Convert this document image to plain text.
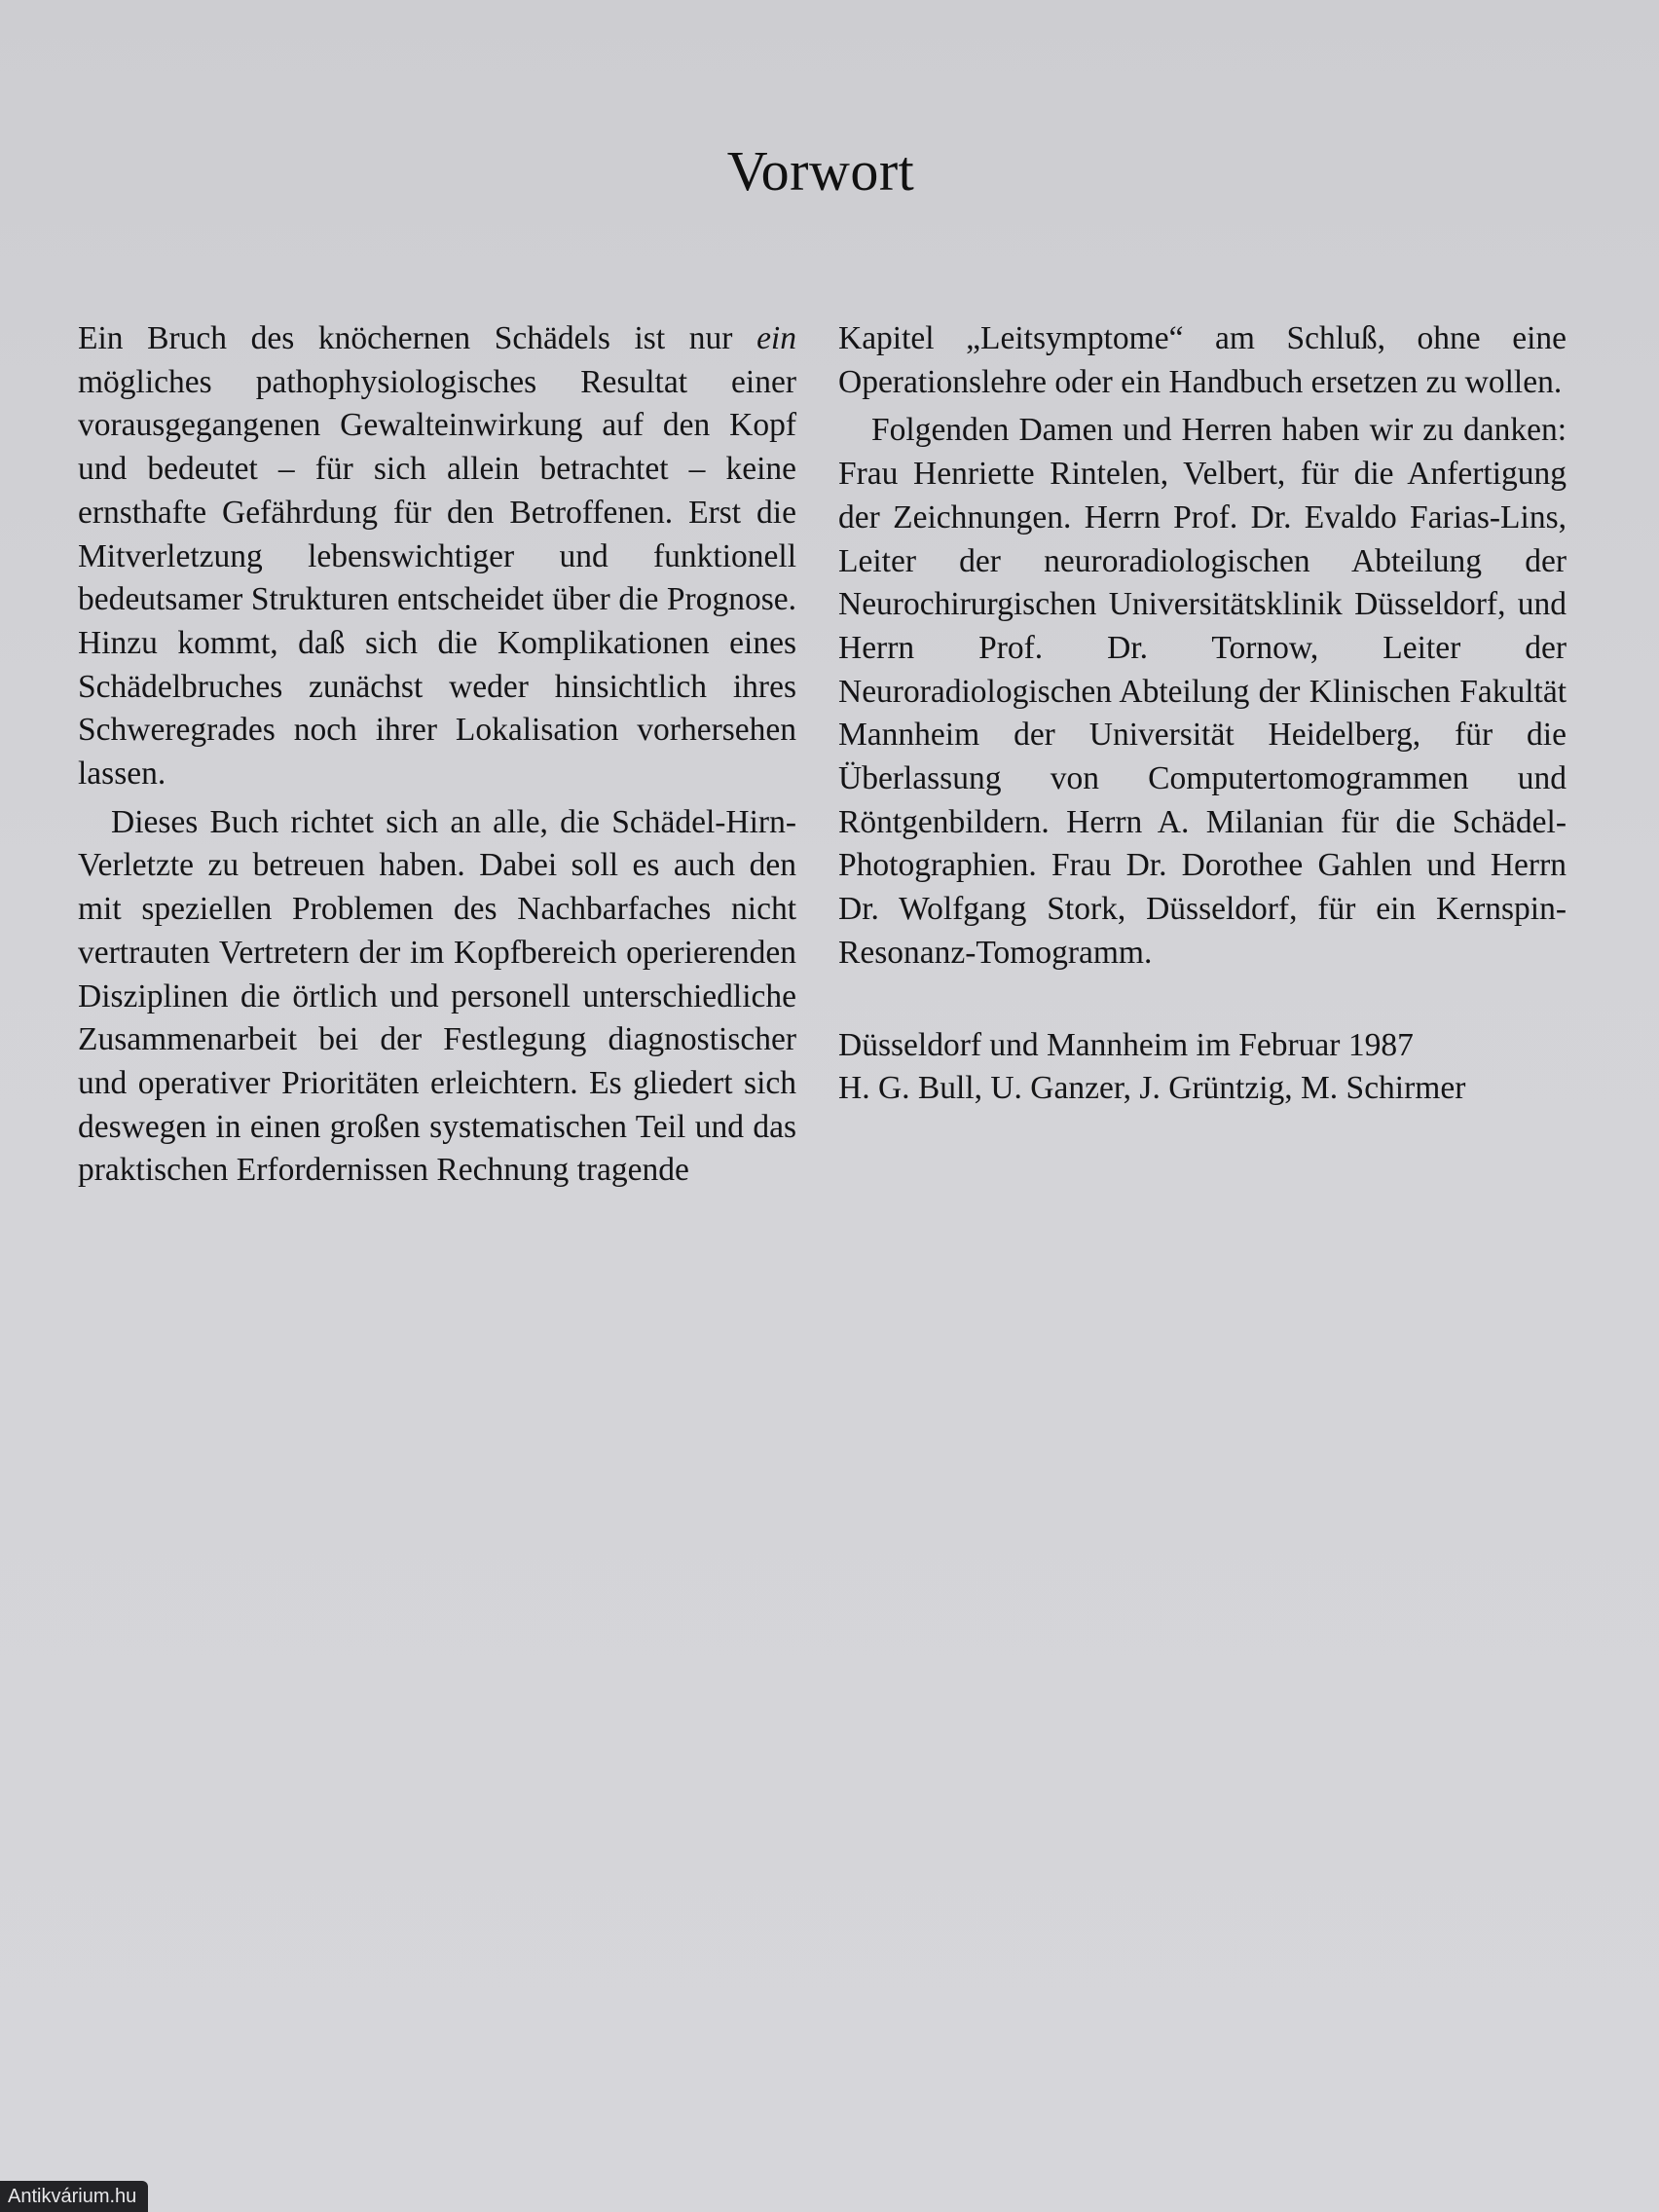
Vorwort

Ein Bruch des knöchernen Schädels ist nur ein mögliches pathophysiologisches Resultat einer vorausgegangenen Gewalteinwirkung auf den Kopf und bedeutet – für sich allein betrachtet – keine ernsthafte Gefährdung für den Betroffenen. Erst die Mitverletzung lebenswichtiger und funktionell bedeutsamer Strukturen entscheidet über die Prognose. Hinzu kommt, daß sich die Komplikationen eines Schädelbruches zunächst weder hinsichtlich ihres Schweregrades noch ihrer Lokalisation vorhersehen lassen.

Dieses Buch richtet sich an alle, die Schädel-Hirn-Verletzte zu betreuen haben. Dabei soll es auch den mit speziellen Problemen des Nachbarfaches nicht vertrauten Vertretern der im Kopfbereich operierenden Disziplinen die örtlich und personell unterschiedliche Zusammenarbeit bei der Festlegung diagnostischer und operativer Prioritäten erleichtern. Es gliedert sich deswegen in einen großen systematischen Teil und das praktischen Erfordernissen Rechnung tragende

Kapitel „Leitsymptome“ am Schluß, ohne eine Operationslehre oder ein Handbuch ersetzen zu wollen.

Folgenden Damen und Herren haben wir zu danken: Frau Henriette Rintelen, Velbert, für die Anfertigung der Zeichnungen. Herrn Prof. Dr. Evaldo Farias-Lins, Leiter der neuroradiologischen Abteilung der Neurochirurgischen Universitätsklinik Düsseldorf, und Herrn Prof. Dr. Tornow, Leiter der Neuroradiologischen Abteilung der Klinischen Fakultät Mannheim der Universität Heidelberg, für die Überlassung von Computertomogrammen und Röntgenbildern. Herrn A. Milanian für die Schädel-Photographien. Frau Dr. Dorothee Gahlen und Herrn Dr. Wolfgang Stork, Düsseldorf, für ein Kernspin-Resonanz-Tomogramm.

Düsseldorf und Mannheim im Februar 1987
H. G. Bull, U. Ganzer, J. Grüntzig, M. Schirmer

Antikvárium.hu
